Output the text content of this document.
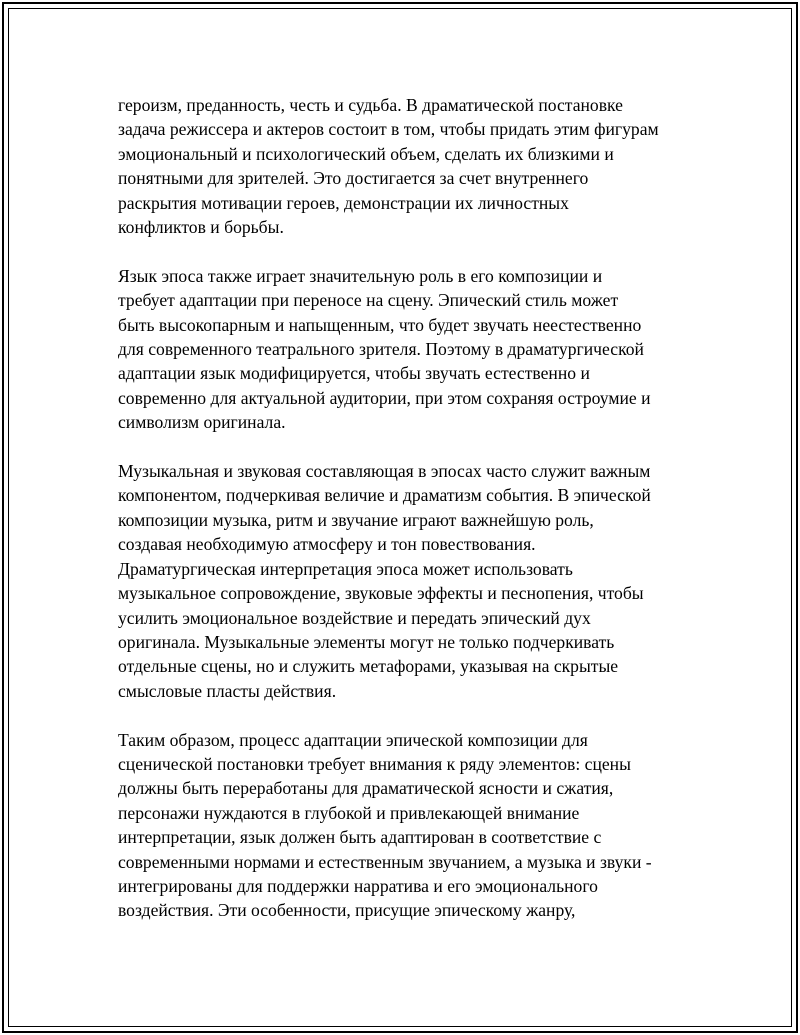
героизм, преданность, честь и судьба. В драматической постановке
задача режиссера и актеров состоит в том, чтобы придать этим фигурам
эмоциональный и психологический объем, сделать их близкими и
понятными для зрителей. Это достигается за счет внутреннего
раскрытия мотивации героев, демонстрации их личностных
конфликтов и борьбы.

Язык эпоса также играет значительную роль в его композиции и
требует адаптации при переносе на сцену. Эпический стиль может
быть высокопарным и напыщенным, что будет звучать неестественно
для современного театрального зрителя. Поэтому в драматургической
адаптации язык модифицируется, чтобы звучать естественно и
современно для актуальной аудитории, при этом сохраняя остроумие и
символизм оригинала.

Музыкальная и звуковая составляющая в эпосах часто служит важным
компонентом, подчеркивая величие и драматизм события. В эпической
композиции музыка, ритм и звучание играют важнейшую роль,
создавая необходимую атмосферу и тон повествования.
Драматургическая интерпретация эпоса может использовать
музыкальное сопровождение, звуковые эффекты и песнопения, чтобы
усилить эмоциональное воздействие и передать эпический дух
оригинала. Музыкальные элементы могут не только подчеркивать
отдельные сцены, но и служить метафорами, указывая на скрытые
смысловые пласты действия.

Таким образом, процесс адаптации эпической композиции для
сценической постановки требует внимания к ряду элементов: сцены
должны быть переработаны для драматической ясности и сжатия,
персонажи нуждаются в глубокой и привлекающей внимание
интерпретации, язык должен быть адаптирован в соответствие с
современными нормами и естественным звучанием, а музыка и звуки -
интегрированы для поддержки нарратива и его эмоционального
воздействия. Эти особенности, присущие эпическому жанру,
